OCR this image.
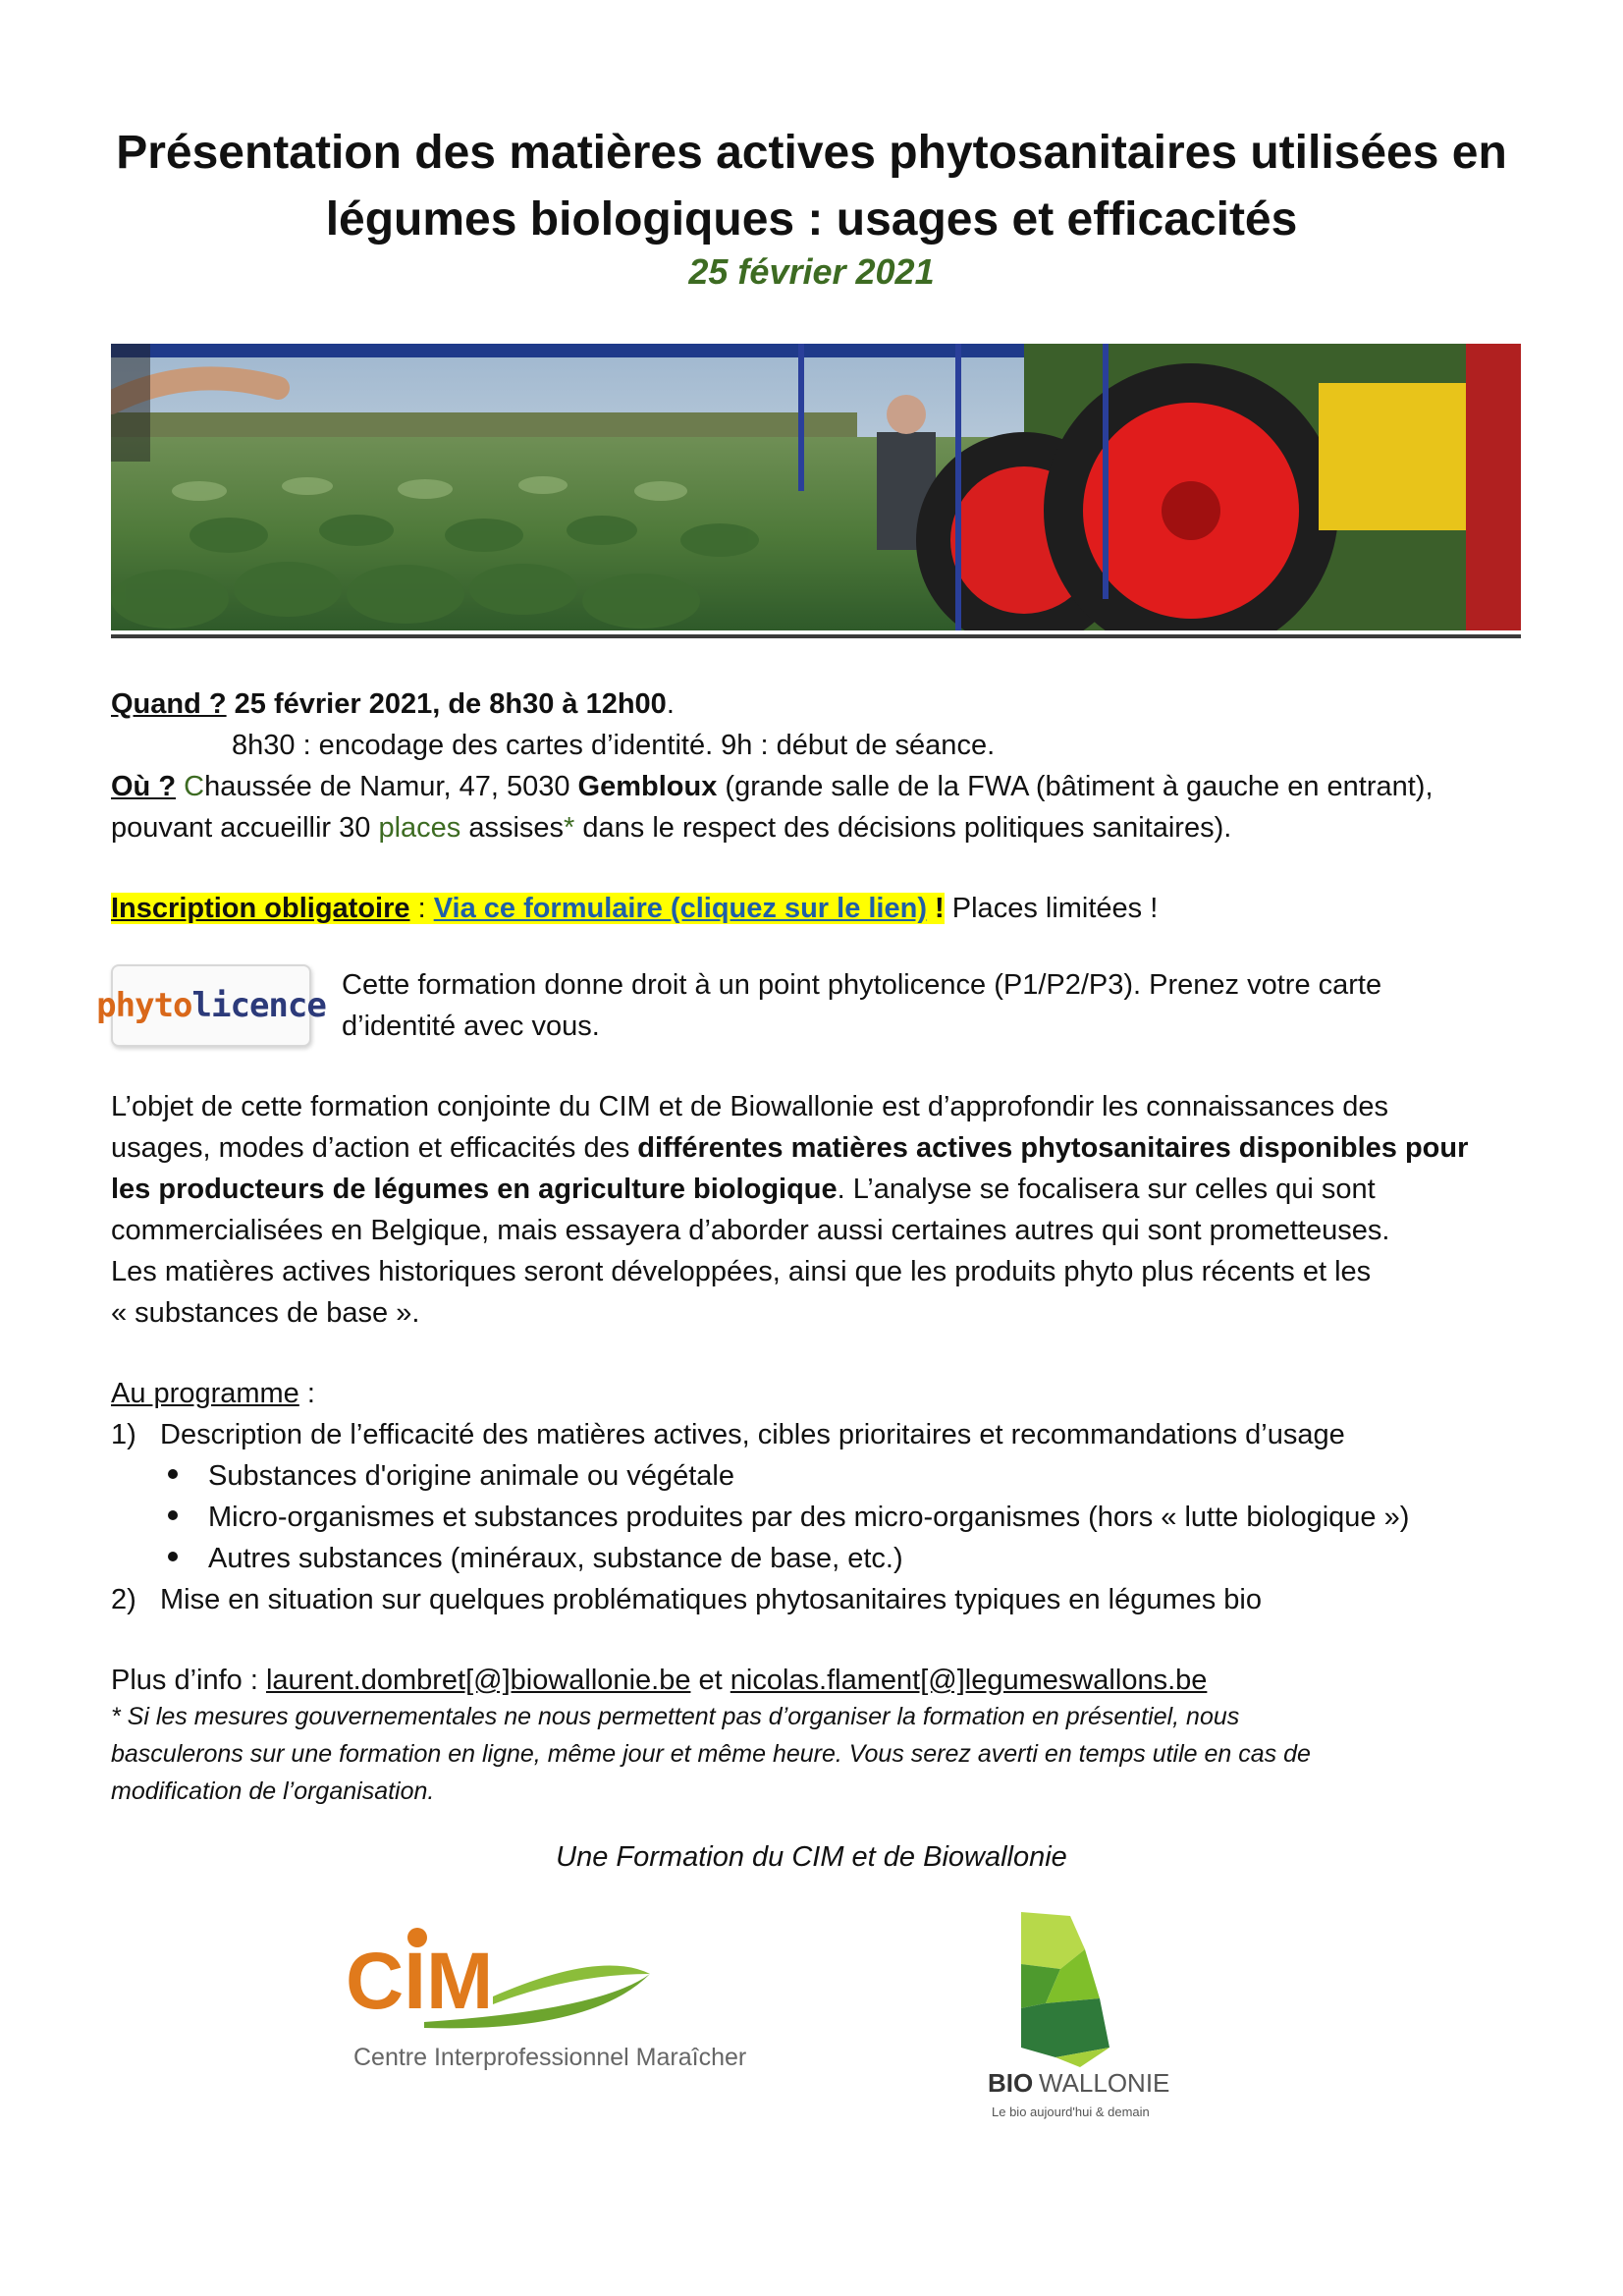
Présentation des matières actives phytosanitaires utilisées en
légumes biologiques : usages et efficacités
25 février 2021
Quand ? 25 février 2021, de 8h30 à 12h00.
8h30 : encodage des cartes d’identité. 9h : début de séance.
Où ? Chaussée de Namur, 47, 5030 Gembloux (grande salle de la FWA (bâtiment à gauche en entrant),
pouvant accueillir 30 places assises* dans le respect des décisions politiques sanitaires).
Inscription obligatoire : Via ce formulaire (cliquez sur le lien) ! Places limitées !
phyto licence
Cette formation donne droit à un point phytolicence (P1/P2/P3). Prenez votre carte
d’identité avec vous.
L’objet de cette formation conjointe du CIM et de Biowallonie est d’approfondir les connaissances des
usages, modes d’action et efficacités des différentes matières actives phytosanitaires disponibles pour
les producteurs de légumes en agriculture biologique. L’analyse se focalisera sur celles qui sont
commercialisées en Belgique, mais essayera d’aborder aussi certaines autres qui sont prometteuses.
Les matières actives historiques seront développées, ainsi que les produits phyto plus récents et les
« substances de base ».
Au programme :
1) Description de l’efficacité des matières actives, cibles prioritaires et recommandations d’usage
Substances d'origine animale ou végétale
Micro-organismes et substances produites par des micro-organismes (hors « lutte biologique »)
Autres substances (minéraux, substance de base, etc.)
2) Mise en situation sur quelques problématiques phytosanitaires typiques en légumes bio
Plus d’info : laurent.dombret[@]biowallonie.be et nicolas.flament[@]legumeswallons.be
* Si les mesures gouvernementales ne nous permettent pas d’organiser la formation en présentiel, nous
basculerons sur une formation en ligne, même jour et même heure. Vous serez averti en temps utile en cas de
modification de l’organisation.
Une Formation du CIM et de Biowallonie
CIM
Centre Interprofessionnel Maraîcher
BIO WALLONIE
Le bio aujourd'hui & demain
